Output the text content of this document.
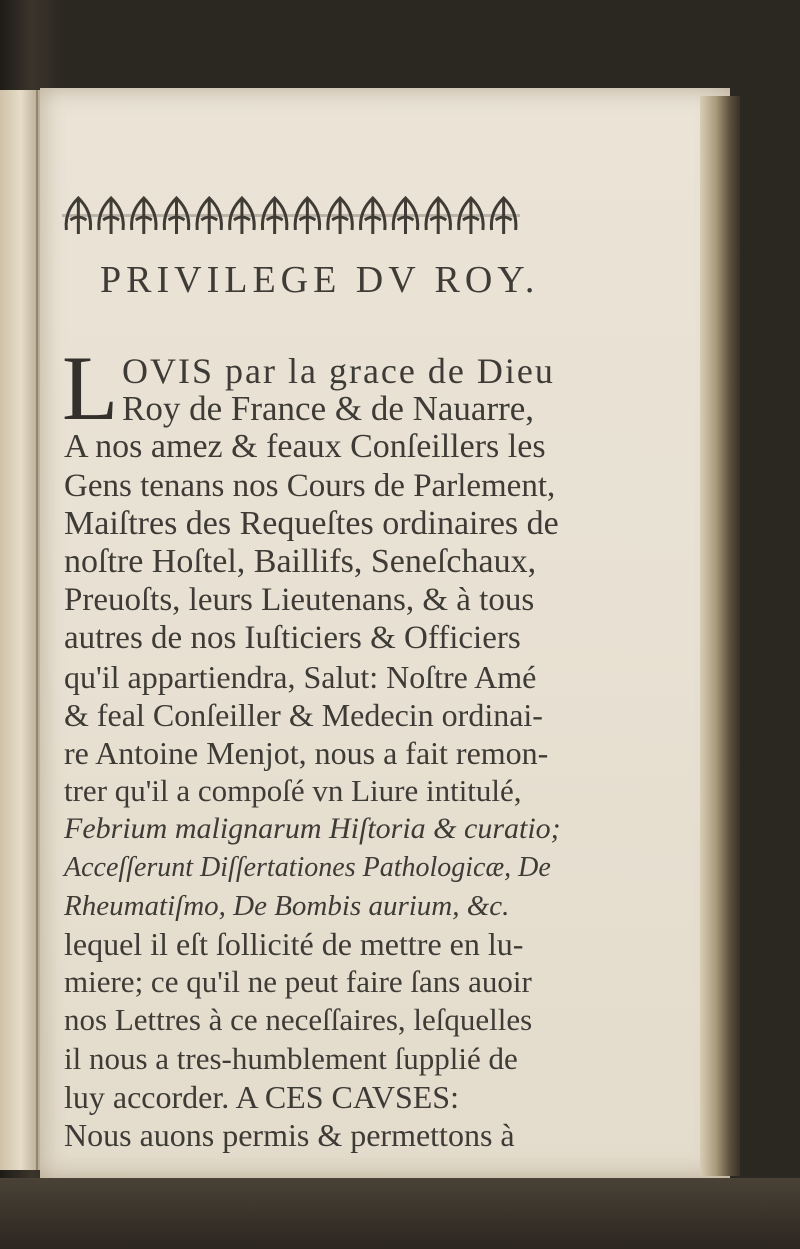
PRIVILEGE DV ROY.
L OVIS par la grace de Dieu
Roy de France & de Nauarre,
A nos amez & feaux Conſeillers les
Gens tenans nos Cours de Parlement,
Maiſtres des Requeſtes ordinaires de
noſtre Hoſtel, Baillifs, Seneſchaux,
Preuoſts, leurs Lieutenans, & à tous
autres de nos Iuſticiers & Officiers
qu'il appartiendra, Salut: Noſtre Amé
& feal Conſeiller & Medecin ordinai-
re Antoine Menjot, nous a fait remon-
trer qu'il a compoſé vn Liure intitulé,
Febrium malignarum Hiſtoria & curatio;
Acceſſerunt Diſſertationes Pathologicæ, De
Rheumatiſmo, De Bombis aurium, &c.
lequel il eſt ſollicité de mettre en lu-
miere; ce qu'il ne peut faire ſans auoir
nos Lettres à ce neceſſaires, leſquelles
il nous a tres-humblement ſupplié de
luy accorder. A CES CAVSES:
Nous auons permis & permettons à
